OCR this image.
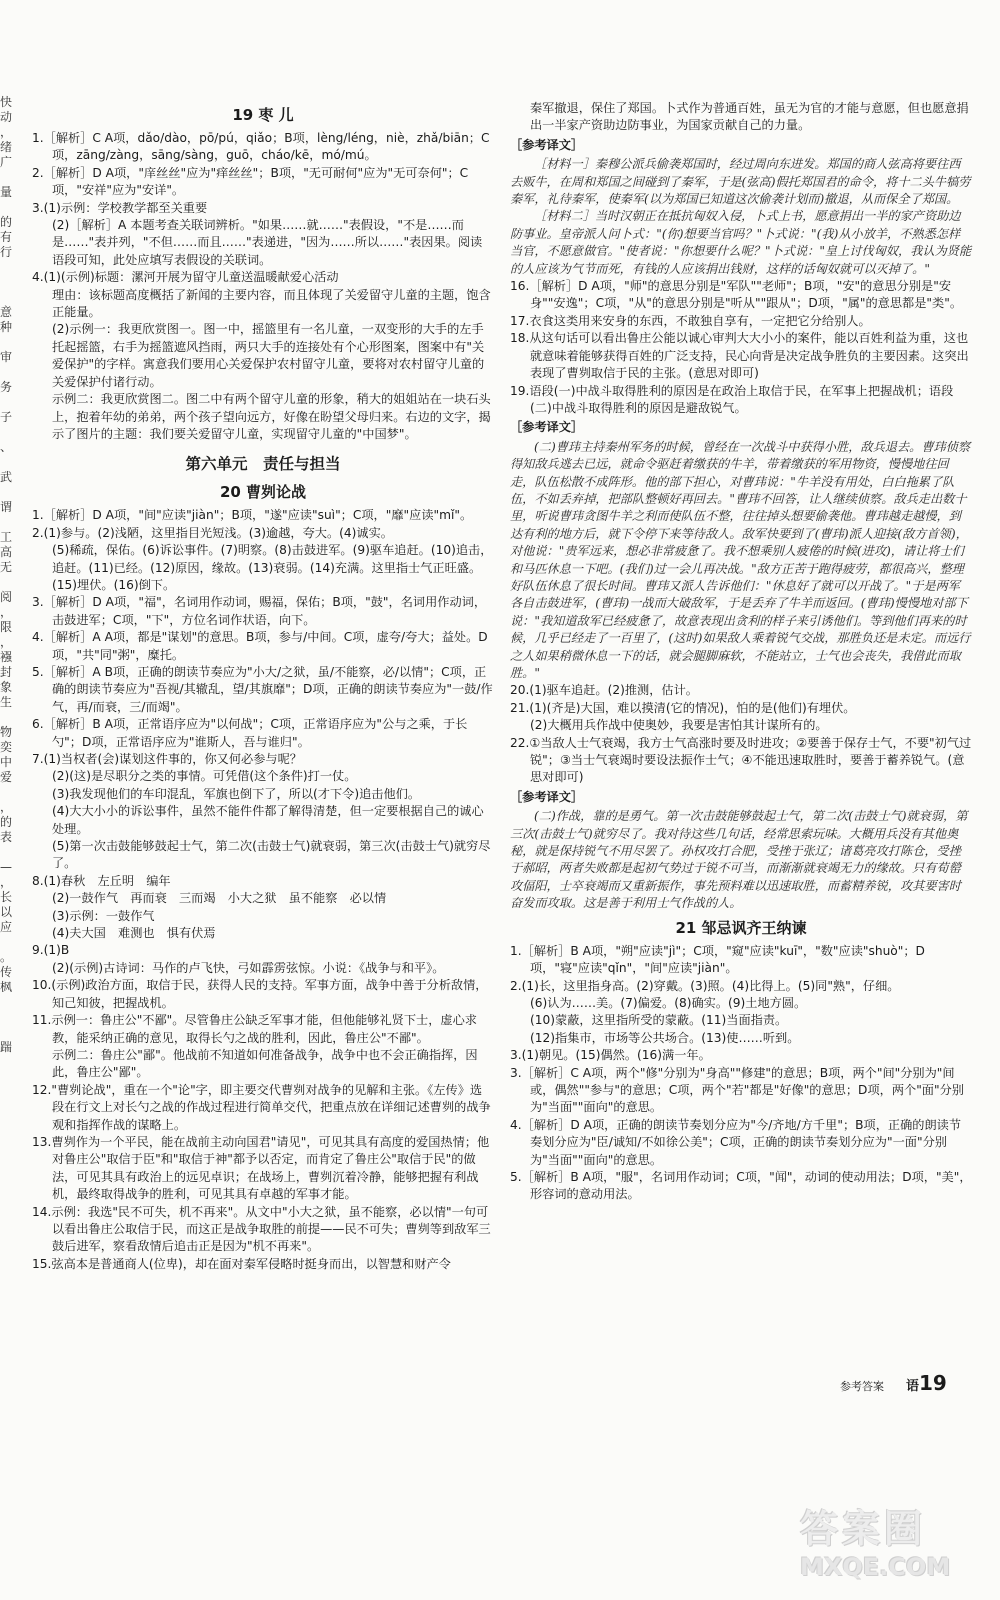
快
动
，
绪
广

量

的
有
行

意
种

审

务

子

、

武

谓

工
高
无

阅
，
限
，
襁
封
象
生

物
奕
中
爱

，
的
表

—
，
长
以
应

。
传
枫

踹
19 枣 儿

1.［解析］C A项，dǎo/dào，pō/pú，qiǎo；B项，lèng/léng，niè，zhǎ/biān；C项，zāng/zàng，sāng/sàng，guō，cháo/kē，mó/mú。

2.［解析］D A项，"庠丝丝"应为"痒丝丝"；B项，"无可耐何"应为"无可奈何"；C项，"安祥"应为"安详"。

3.(1)示例：学校教学都至关重要

(2)［解析］A 本题考查关联词辨析。"如果……就……"表假设，"不是……而是……"表并列，"不但……而且……"表递进，"因为……所以……"表因果。阅读语段可知，此处应填写表假设的关联词。

4.(1)(示例)标题：漯河开展为留守儿童送温暖献爱心活动

理由：该标题高度概括了新闻的主要内容，而且体现了关爱留守儿童的主题，饱含正能量。

(2)示例一：我更欣赏图一。图一中，摇篮里有一名儿童，一双变形的大手的左手托起摇篮，右手为摇篮遮风挡雨，两只大手的连接处有个心形图案，图案中有"关爱保护"的字样。寓意我们要用心关爱保护农村留守儿童，要将对农村留守儿童的关爱保护付诸行动。

示例二：我更欣赏图二。图二中有两个留守儿童的形象，稍大的姐姐站在一块石头上，抱着年幼的弟弟，两个孩子望向远方，好像在盼望父母归来。右边的文字，揭示了图片的主题：我们要关爱留守儿童，实现留守儿童的"中国梦"。

第六单元　责任与担当
20 曹刿论战

1.［解析］D A项，"间"应读"jiàn"；B项，"遂"应读"suì"；C项，"靡"应读"mǐ"。

2.(1)参与。(2)浅陋，这里指目光短浅。(3)逾越，夸大。(4)诚实。

(5)稀疏，保佑。(6)诉讼事件。(7)明察。(8)击鼓进军。(9)驱车追赶。(10)追击，追赶。(11)已经。(12)原因，缘故。(13)衰弱。(14)充满。这里指士气正旺盛。(15)埋伏。(16)倒下。

3.［解析］D A项，"福"，名词用作动词，赐福，保佑；B项，"鼓"，名词用作动词，击鼓进军；C项，"下"，方位名词作状语，向下。

4.［解析］A A项，都是"谋划"的意思。B项，参与/中间。C项，虚夸/夸大；益处。D项，"共"同"粥"，糜托。

5.［解析］A B项，正确的朗读节奏应为"小大/之狱，虽/不能察，必/以情"；C项，正确的朗读节奏应为"吾视/其辙乱，望/其旗靡"；D项，正确的朗读节奏应为"一鼓/作气，再/而衰，三/而竭"。

6.［解析］B A项，正常语序应为"以何战"；C项，正常语序应为"公与之乘，于长勺"；D项，正常语序应为"谁斯人，吾与谁归"。

7.(1)当权者(会)谋划这件事的，你又何必参与呢？

(2)(这)是尽职分之类的事情。可凭借(这个条件)打一仗。

(3)我发现他们的车印混乱，军旗也倒下了，所以(才下令)追击他们。

(4)大大小小的诉讼事件，虽然不能件件都了解得清楚，但一定要根据自己的诚心处理。

(5)第一次击鼓能够鼓起士气，第二次(击鼓士气)就衰弱，第三次(击鼓士气)就穷尽了。

8.(1)春秋　左丘明　编年

(2)一鼓作气　再而衰　三而竭　小大之狱　虽不能察　必以情

(3)示例：一鼓作气

(4)夫大国　难测也　惧有伏焉

9.(1)B

(2)(示例)古诗词：马作的卢飞快，弓如霹雳弦惊。小说：《战争与和平》。

10.(示例)政治方面，取信于民，获得人民的支持。军事方面，战争中善于分析敌情，知己知彼，把握战机。

11.示例一：鲁庄公"不鄙"。尽管鲁庄公缺乏军事才能，但他能够礼贤下士，虚心求教，能采纳正确的意见，取得长勺之战的胜利，因此，鲁庄公"不鄙"。

示例二：鲁庄公"鄙"。他战前不知道如何准备战争，战争中也不会正确指挥，因此，鲁庄公"鄙"。

12."曹刿论战"，重在一个"论"字，即主要交代曹刿对战争的见解和主张。《左传》选段在行文上对长勺之战的作战过程进行简单交代，把重点放在详细记述曹刿的战争观和指挥作战的谋略上。

13.曹刿作为一个平民，能在战前主动向国君"请见"，可见其具有高度的爱国热情；他对鲁庄公"取信于臣"和"取信于神"都予以否定，而肯定了鲁庄公"取信于民"的做法，可见其具有政治上的远见卓识；在战场上，曹刿沉着冷静，能够把握有利战机，最终取得战争的胜利，可见其具有卓越的军事才能。

14.示例：我选"民不可失，机不再来"。从文中"小大之狱，虽不能察，必以情"一句可以看出鲁庄公取信于民，而这正是战争取胜的前提——民不可失；曹刿等到敌军三鼓后进军，察看敌情后追击正是因为"机不再来"。

15.弦高本是普通商人(位卑)，却在面对秦军侵略时挺身而出，以智慧和财产令

秦军撤退，保住了郑国。卜式作为普通百姓，虽无为官的才能与意愿，但也愿意捐出一半家产资助边防事业，为国家贡献自己的力量。

［参考译文］

［材料一］秦穆公派兵偷袭郑国时，经过周向东进发。郑国的商人弦高将要往西去贩牛，在周和郑国之间碰到了秦军，于是(弦高)假托郑国君的命令，将十二头牛犒劳秦军，礼待秦军，使秦军(以为郑国已知道这次偷袭计划而)撤退，从而保全了郑国。

［材料二］当时汉朝正在抵抗匈奴入侵，卜式上书，愿意捐出一半的家产资助边防事业。皇帝派人问卜式："(你)想要当官吗？"卜式说："(我)从小放羊，不熟悉怎样当官，不愿意做官。"使者说："你想要什么呢？"卜式说："皇上讨伐匈奴，我认为贤能的人应该为气节而死，有钱的人应该捐出钱财，这样的话匈奴就可以灭掉了。"

16.［解析］D A项，"师"的意思分别是"军队""老师"；B项，"安"的意思分别是"安身""安逸"；C项，"从"的意思分别是"听从""跟从"；D项，"属"的意思都是"类"。

17.衣食这类用来安身的东西，不敢独自享有，一定把它分给别人。

18.从这句话可以看出鲁庄公能以诚心审判大大小小的案件，能以百姓利益为重，这也就意味着能够获得百姓的广泛支持，民心向背是决定战争胜负的主要因素。这突出表现了曹刿取信于民的主张。(意思对即可)

19.语段(一)中战斗取得胜利的原因是在政治上取信于民，在军事上把握战机；语段(二)中战斗取得胜利的原因是避敌锐气。

［参考译文］

(二)曹玮主持秦州军务的时候，曾经在一次战斗中获得小胜，敌兵退去。曹玮侦察得知敌兵逃去已远，就命令驱赶着缴获的牛羊，带着缴获的军用物资，慢慢地往回走，队伍松散不成阵形。他的部下担心，对曹玮说："牛羊没有用处，白白拖累了队伍，不如丢弃掉，把部队整顿好再回去。"曹玮不回答，让人继续侦察。敌兵走出数十里，听说曹玮贪图牛羊之利而使队伍不整，往往掉头想要偷袭他。曹玮越走越慢，到达有利的地方后，就下令停下来等待敌人。敌军快要到了(曹玮)派人迎接(敌方首领)，对他说："贵军远来，想必非常疲惫了。我不想乘别人疲倦的时候(进攻)，请让将士们和马匹休息一下吧。(我们)过一会儿再决战。"敌方正苦于跑得疲劳，都很高兴，整理好队伍休息了很长时间。曹玮又派人告诉他们："休息好了就可以开战了。"于是两军各自击鼓进军，(曹玮)一战而大破敌军，于是丢弃了牛羊而返回。(曹玮)慢慢地对部下说："我知道敌军已经疲惫了，故意表现出贪利的样子来引诱他们。等到他们再来的时候，几乎已经走了一百里了，(这时)如果敌人乘着锐气交战，那胜负还是未定。而远行之人如果稍微休息一下的话，就会腿脚麻软，不能站立，士气也会丧失，我借此而取胜。"

20.(1)驱车追赶。(2)推测，估计。

21.(1)(齐是)大国，难以摸清(它的情况)，怕的是(他们)有埋伏。

(2)大概用兵作战中使奥妙，我要是害怕其计谋所有的。

22.①当敌人士气衰竭，我方士气高涨时要及时进攻；②要善于保存士气，不要"初气过锐"；③当士气衰竭时要设法振作士气；④不能迅速取胜时，要善于蓄养锐气。(意思对即可)

［参考译文］

(二)作战，靠的是勇气。第一次击鼓能够鼓起士气，第二次(击鼓士气)就衰弱，第三次(击鼓士气)就穷尽了。我对待这些几句话，经常思索玩味。大概用兵没有其他奥秘，就是保持锐气不用尽罢了。孙权攻打合肥，受挫于张辽；诸葛亮攻打陈仓，受挫于郝昭，两者失败都是起初气势过于锐不可当，而渐渐就衰竭无力的缘故。只有荀罃攻偪阳，士卒衰竭而又重新振作，事先预料难以迅速取胜，而蓄精养锐，攻其要害时奋发而攻取。这是善于利用士气作战的人。

21 邹忌讽齐王纳谏

1.［解析］B A项，"朔"应读"jì"；C项，"窥"应读"kuī"，"数"应读"shuò"；D项，"寝"应读"qǐn"，"间"应读"jiàn"。

2.(1)长，这里指身高。(2)穿戴。(3)照。(4)比得上。(5)同"熟"，仔细。

(6)认为……美。(7)偏爱。(8)确实。(9)土地方圆。

(10)蒙蔽，这里指所受的蒙蔽。(11)当面指责。

(12)指集市，市场等公共场合。(13)使……听到。

3.(1)朝见。(15)偶然。(16)满一年。

3.［解析］C A项，两个"修"分别为"身高""修建"的意思；B项，两个"间"分别为"间或，偶然""参与"的意思；C项，两个"若"都是"好像"的意思；D项，两个"面"分别为"当面""面向"的意思。

4.［解析］D A项，正确的朗读节奏划分应为"今/齐地/方千里"；B项，正确的朗读节奏划分应为"臣/诚知/不如徐公美"；C项，正确的朗读节奏划分应为"一面"分别为"当面""面向"的意思。

5.［解析］B A项，"服"，名词用作动词；C项，"闻"，动词的使动用法；D项，"美"，形容词的意动用法。

参考答案 语19
答案圈
MXQE.COM
